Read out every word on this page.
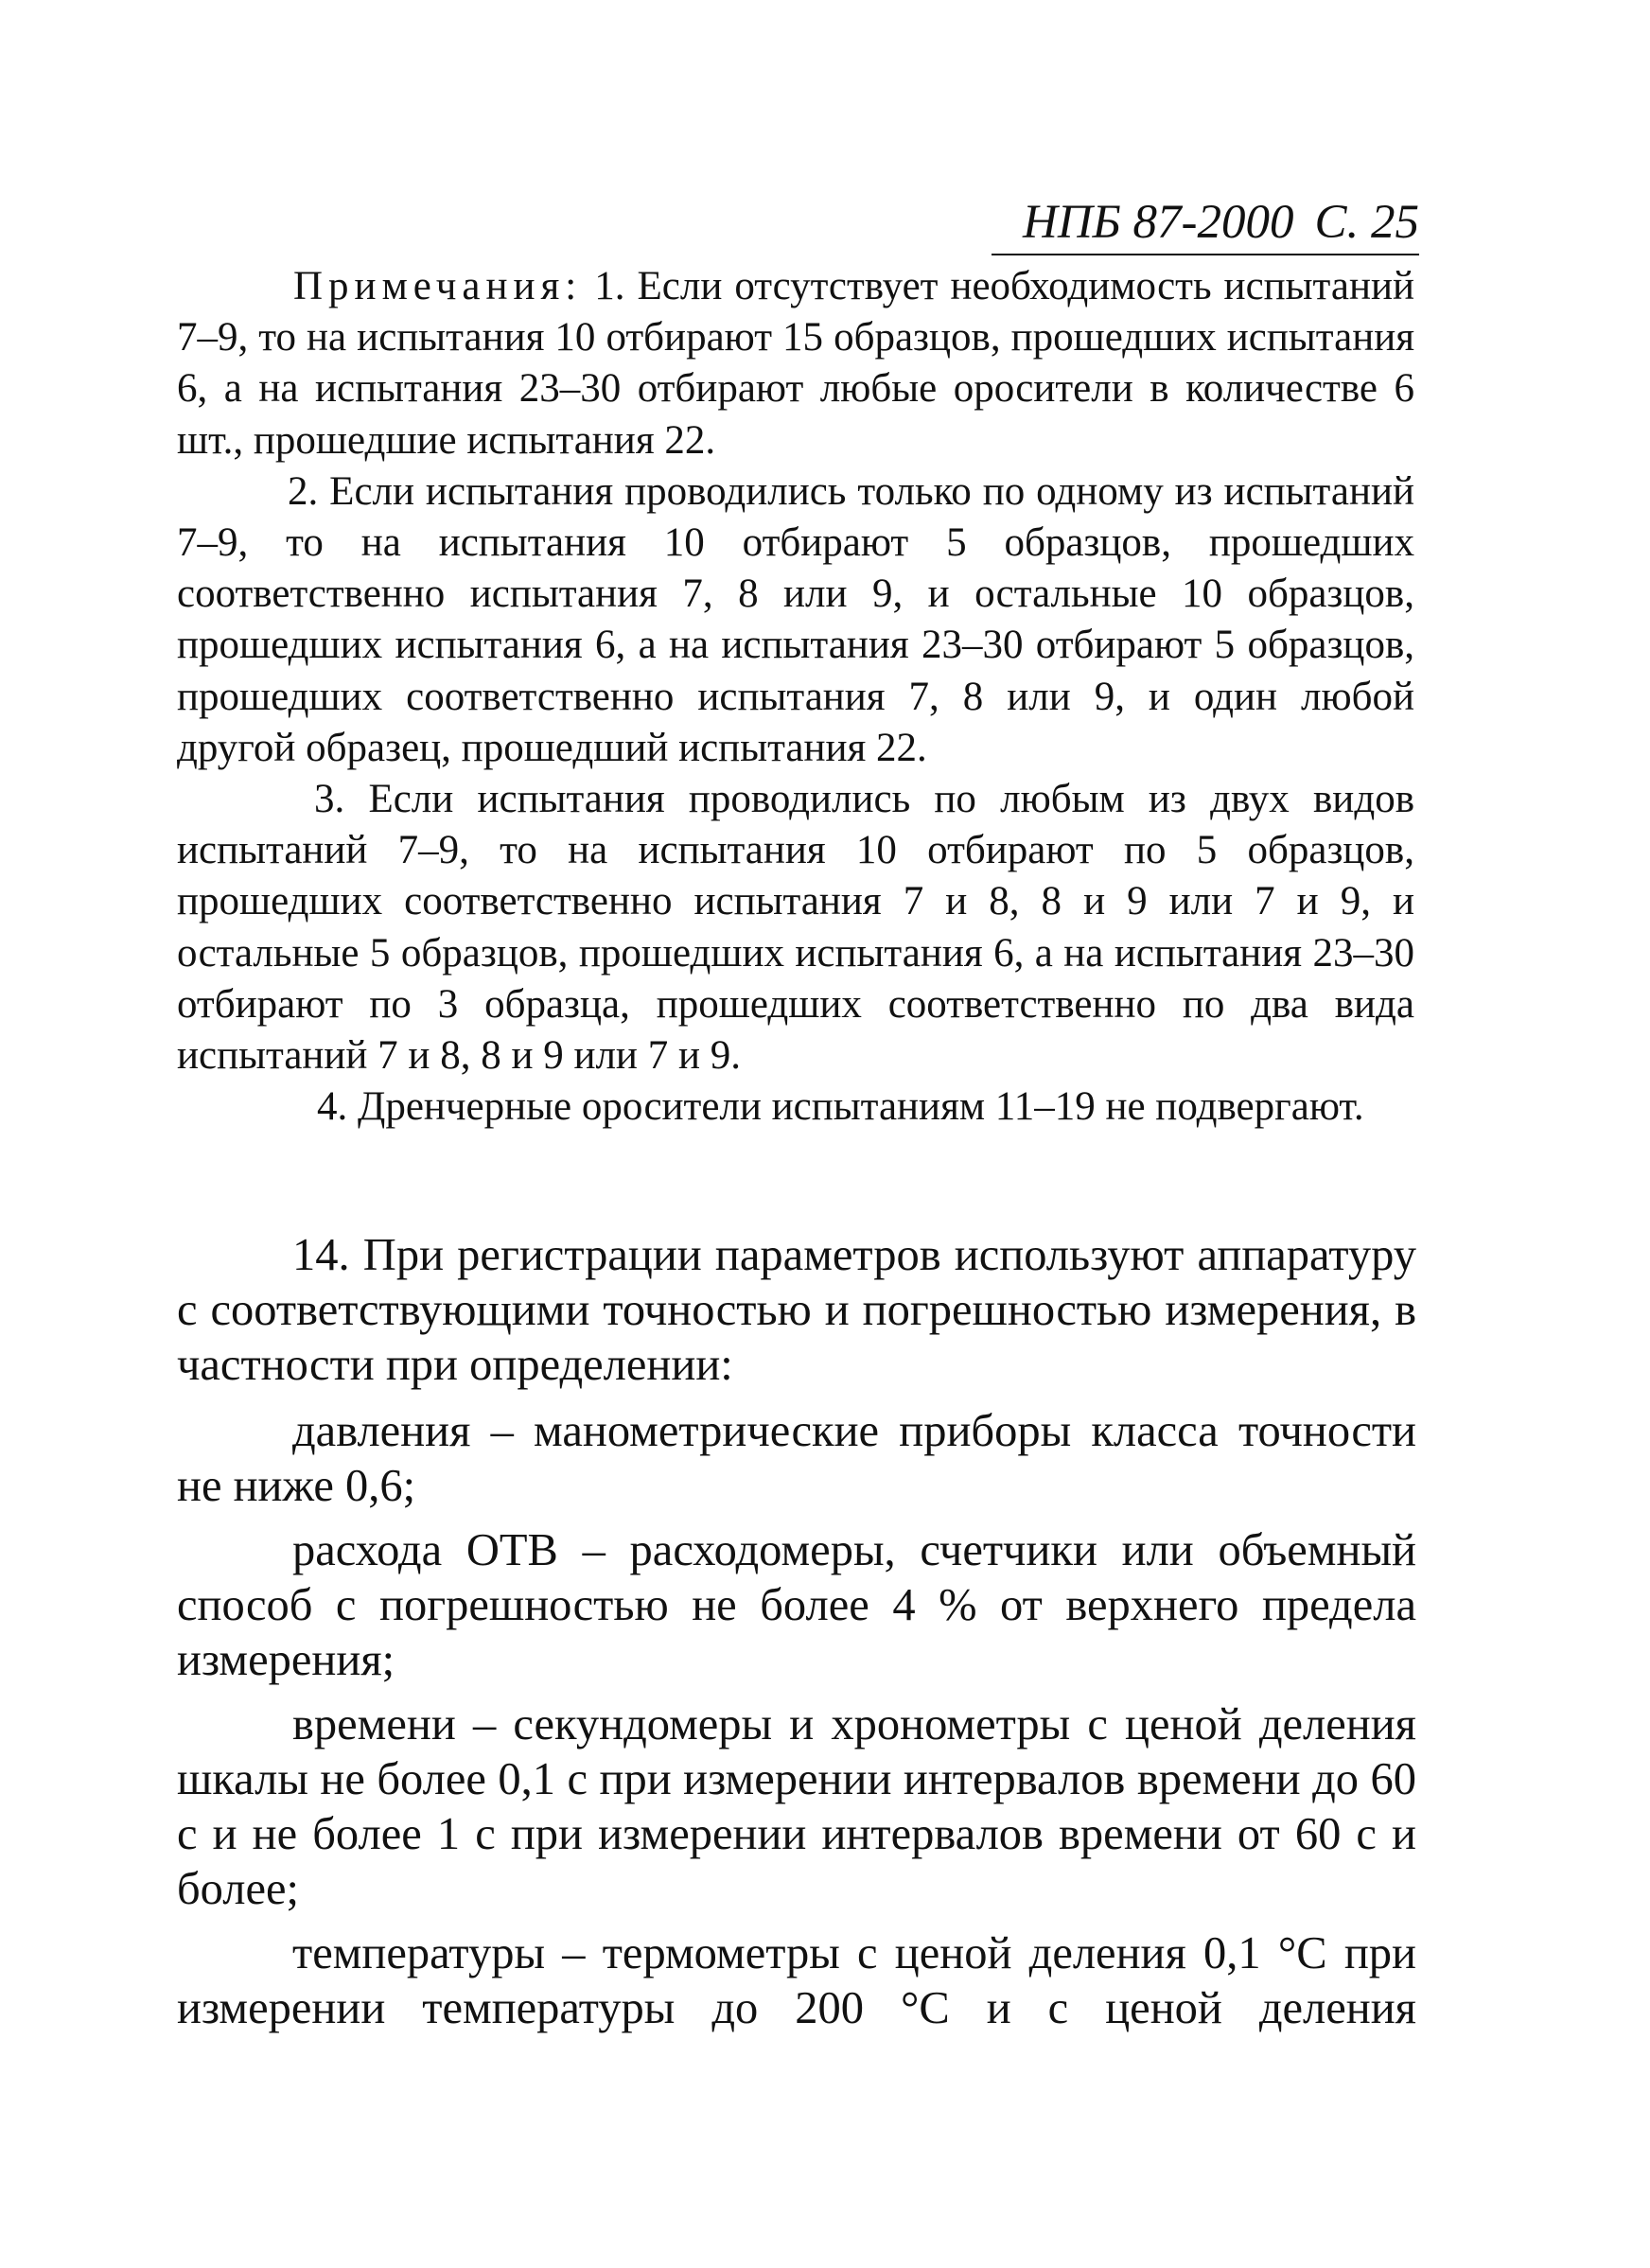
НПБ 87-2000 С. 25

Примечания: 1. Если отсутствует необходимость испытаний 7–9, то на испытания 10 отбирают 15 образцов, прошедших испытания 6, а на испытания 23–30 отбирают любые оросители в количестве 6 шт., прошедшие испытания 22.

2. Если испытания проводились только по одному из испытаний 7–9, то на испытания 10 отбирают 5 образцов, прошедших соответственно испытания 7, 8 или 9, и остальные 10 образцов, прошедших испытания 6, а на испытания 23–30 отбирают 5 образцов, прошедших соответственно испытания 7, 8 или 9, и один любой другой образец, прошедший испытания 22.

3. Если испытания проводились по любым из двух видов испытаний 7–9, то на испытания 10 отбирают по 5 образцов, прошедших соответственно испытания 7 и 8, 8 и 9 или 7 и 9, и остальные 5 образцов, прошедших испытания 6, а на испытания 23–30 отбирают по 3 образца, прошедших соответственно по два вида испытаний 7 и 8, 8 и 9 или 7 и 9.

4. Дренчерные оросители испытаниям 11–19 не подвергают.

14. При регистрации параметров используют аппаратуру с соответствующими точностью и погрешностью измерения, в частности при определении:

давления – манометрические приборы класса точности не ниже 0,6;

расхода ОТВ – расходомеры, счетчики или объемный способ с погрешностью не более 4 % от верхнего предела измерения;

времени – секундомеры и хронометры с ценой деления шкалы не более 0,1 с при измерении интервалов времени до 60 с и не более 1 с при измерении интервалов времени от 60 с и более;

температуры – термометры с ценой деления 0,1 °С при измерении температуры до 200 °С и с ценой деления
